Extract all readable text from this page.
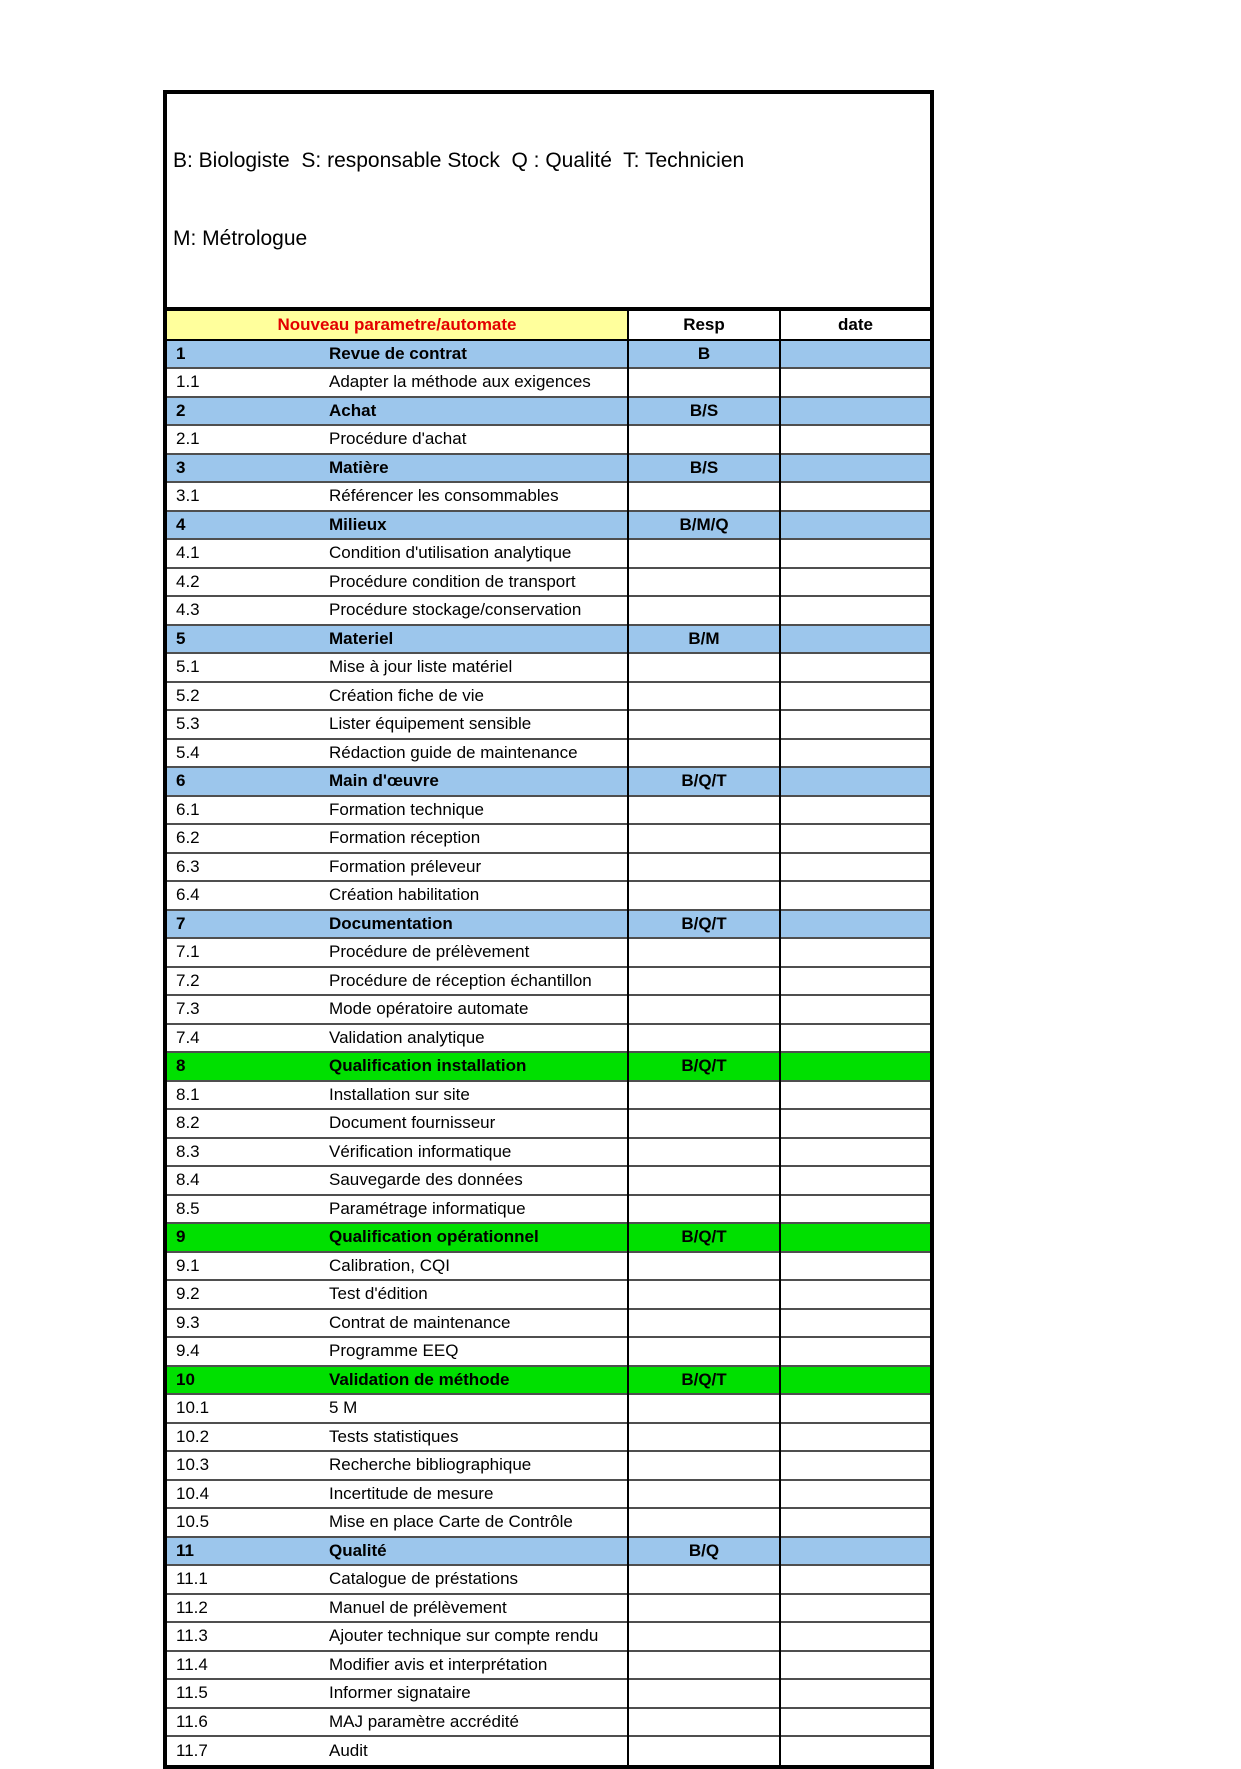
B: Biologiste  S: responsable Stock  Q : Qualité  T: Technicien

M: Métrologue

Nouveau parametre/automate	Resp	date

1 Revue de contrat	B	

1.1 Adapter la méthode aux exigences		

2 Achat	B/S	

2.1 Procédure d'achat		

3 Matière	B/S	

3.1 Référencer les consommables		

4 Milieux	B/M/Q	

4.1 Condition d'utilisation analytique		

4.2 Procédure condition de transport		

4.3 Procédure stockage/conservation		

5 Materiel	B/M	

5.1 Mise à jour liste matériel		

5.2 Création fiche de vie		

5.3 Lister équipement sensible		

5.4 Rédaction guide de maintenance		

6 Main d'œuvre	B/Q/T	

6.1 Formation technique		

6.2 Formation réception		

6.3 Formation préleveur		

6.4 Création habilitation		

7 Documentation	B/Q/T	

7.1 Procédure de prélèvement		

7.2 Procédure de réception échantillon		

7.3 Mode opératoire automate		

7.4 Validation analytique		

8 Qualification installation	B/Q/T	

8.1 Installation sur site		

8.2 Document fournisseur		

8.3 Vérification informatique		

8.4 Sauvegarde des données		

8.5 Paramétrage informatique		

9 Qualification opérationnel	B/Q/T	

9.1 Calibration, CQI		

9.2 Test d'édition		

9.3 Contrat de maintenance		

9.4 Programme EEQ		

10 Validation de méthode	B/Q/T	

10.1 5 M		

10.2 Tests statistiques		

10.3 Recherche bibliographique		

10.4 Incertitude de mesure		

10.5 Mise en place Carte de Contrôle		

11 Qualité	B/Q	

11.1 Catalogue de préstations		

11.2 Manuel de prélèvement		

11.3 Ajouter technique sur compte rendu		

11.4 Modifier avis et interprétation		

11.5 Informer signataire		

11.6 MAJ paramètre accrédité		

11.7 Audit		
